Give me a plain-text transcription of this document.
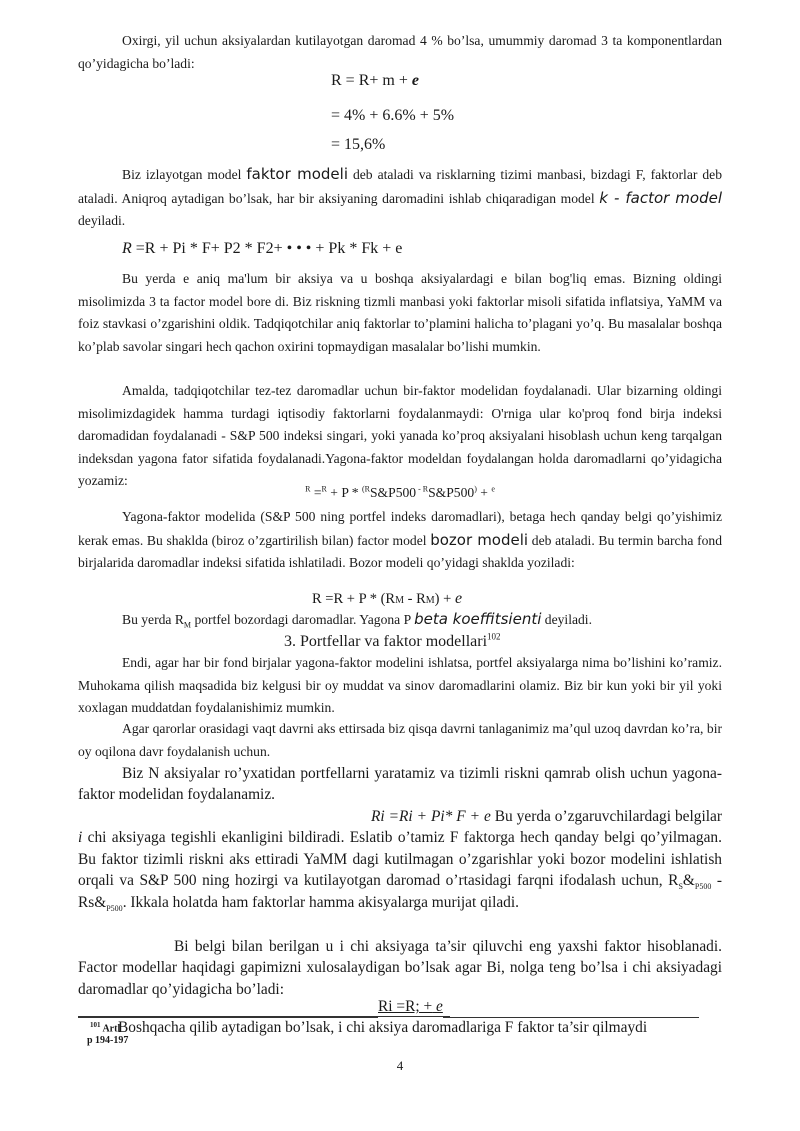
Oxirgi, yil uchun aksiyalardan kutilayotgan daromad 4 % bo’lsa, umummiy daromad 3 ta komponentlardan qo’yidagicha bo’ladi:

R = R+ m + e
= 4% + 6.6% + 5%
= 15,6%

Biz izlayotgan model faktor modeli deb ataladi va risklarning tizimi manbasi, bizdagi F, faktorlar deb ataladi. Aniqroq aytadigan bo’lsak, har bir aksiyaning daromadini ishlab chiqaradigan model k - factor model deyiladi.

R =R + Pi * F+ P2 * F2+ • • • + Pk * Fk + e

Bu yerda e aniq ma'lum bir aksiya va u boshqa aksiyalardagi e bilan bog'liq emas. Bizning oldingi misolimizda 3 ta factor model bore di. Biz riskning tizmli manbasi yoki faktorlar misoli sifatida inflatsiya, YaMM va foiz stavkasi o’zgarishini oldik. Tadqiqotchilar aniq faktorlar to’plamini halicha to’plagani yo’q. Bu masalalar boshqa ko’plab savolar singari hech qachon oxirini topmaydigan masalalar bo’lishi mumkin.

Amalda, tadqiqotchilar tez-tez daromadlar uchun bir-faktor modelidan foydalanadi. Ular bizarning oldingi misolimizdagidek hamma turdagi iqtisodiy faktorlarni foydalanmaydi: O'rniga ular ko'proq fond birja indeksi daromadidan foydalanadi - S&P 500 indeksi singari, yoki yanada ko’proq aksiyalani hisoblash uchun keng tarqalgan indeksdan yagona fator sifatida foydalanadi.Yagona-faktor modeldan foydalangan holda daromadlarni qo’yidagicha yozamiz:

$^R$ =$^R$ + P * $^{(R}$S&P500 $^{- R}$S&P500) + $^e$

Yagona-faktor modelida (S&P 500 ning portfel indeks daromadlari), betaga hech qanday belgi qo’yishimiz kerak emas. Bu shaklda (biroz o’zgartirilish bilan) factor model bozor modeli deb ataladi. Bu termin barcha fond birjalarida daromadlar indeksi sifatida ishlatiladi. Bozor modeli qo’yidagi shaklda yoziladi:

R =R + P * (RM - RM) + e

Bu yerda $R_M$ portfel bozordagi daromadlar. Yagona P beta koeffitsienti deyiladi.

3. Portfellar va faktor modellari$^{102}$

Endi, agar har bir fond birjalar yagona-faktor modelini ishlatsa, portfel aksiyalarga nima bo’lishini ko’ramiz. Muhokama qilish maqsadida biz kelgusi bir oy muddat va sinov daromadlarini olamiz. Biz bir kun yoki bir yil yoki xoxlagan muddatdan foydalanishimiz mumkin.

Agar qarorlar orasidagi vaqt davrni aks ettirsada biz qisqa davrni tanlaganimiz ma’qul uzoq davrdan ko’ra, bir oy oqilona davr foydalanish uchun.

Biz N aksiyalar ro’yxatidan portfellarni yaratamiz va tizimli riskni qamrab olish uchun yagona-faktor modelidan foydalanamiz.

Ri =Ri + Pi* F + e Bu yerda o’zgaruvchilardagi belgilar i chi aksiyaga tegishli ekanligini bildiradi. Eslatib o’tamiz F faktorga hech qanday belgi qo’yilmagan. Bu faktor tizimli riskni aks ettiradi YaMM dagi kutilmagan o’zgarishlar yoki bozor modelini ishlatish orqali va S&P 500 ning hozirgi va kutilayotgan daromad o’rtasidagi farqni ifodalash uchun, $R_S\&_{P500}$ - $Rs\&_{P500}$. Ikkala holatda ham faktorlar hamma akisyalarga murijat qiladi.

Bi belgi bilan berilgan u i chi aksiyaga ta’sir qiluvchi eng yaxshi faktor hisoblanadi. Factor modellar haqidagi gapimizni xulosalaydigan bo’lsak agar Bi, nolga teng bo’lsa i chi aksiyadagi daromadlar qo’yidagicha bo’ladi:

Ri =R; + e

Boshqacha qilib aytadigan bo’lsak, i chi aksiya daromadlariga F faktor ta’sir qilmaydi

$^{101}$ Artl
p 194-197
4
